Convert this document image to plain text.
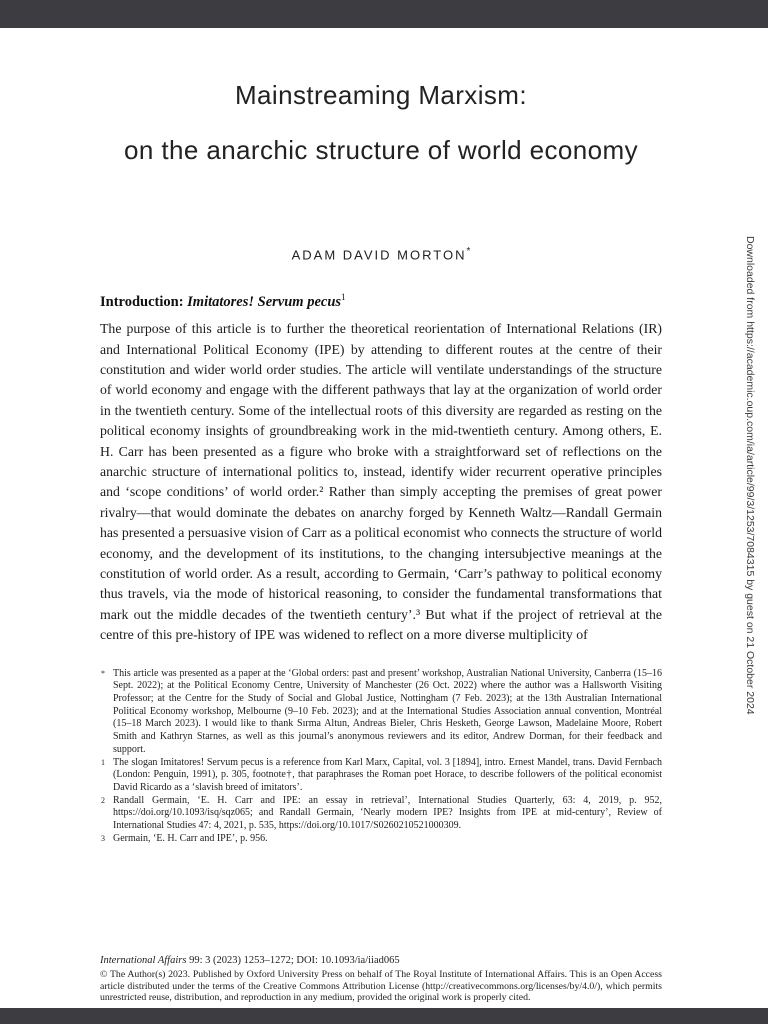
Mainstreaming Marxism:
on the anarchic structure of world economy
ADAM DAVID MORTON*
Introduction: Imitatores! Servum pecus$^1$

The purpose of this article is to further the theoretical reorientation of International Relations (IR) and International Political Economy (IPE) by attending to different routes at the centre of their constitution and wider world order studies. The article will ventilate understandings of the structure of world economy and engage with the different pathways that lay at the organization of world order in the twentieth century. Some of the intellectual roots of this diversity are regarded as resting on the political economy insights of groundbreaking work in the mid-twentieth century. Among others, E. H. Carr has been presented as a figure who broke with a straightforward set of reflections on the anarchic structure of international politics to, instead, identify wider recurrent operative principles and ‘scope conditions’ of world order.² Rather than simply accepting the premises of great power rivalry—that would dominate the debates on anarchy forged by Kenneth Waltz—Randall Germain has presented a persuasive vision of Carr as a political economist who connects the structure of world economy, and the development of its institutions, to the changing intersubjective meanings at the constitution of world order. As a result, according to Germain, ‘Carr’s pathway to political economy thus travels, via the mode of historical reasoning, to consider the fundamental transformations that mark out the middle decades of the twentieth century’.³ But what if the project of retrieval at the centre of this pre-history of IPE was widened to reflect on a more diverse multiplicity of

* This article was presented as a paper at the ‘Global orders: past and present’ workshop, Australian National University, Canberra (15–16 Sept. 2022); at the Political Economy Centre, University of Manchester (26 Oct. 2022) where the author was a Hallsworth Visiting Professor; at the Centre for the Study of Social and Global Justice, Nottingham (7 Feb. 2023); at the 13th Australian International Political Economy workshop, Melbourne (9–10 Feb. 2023); and at the International Studies Association annual convention, Montréal (15–18 March 2023). I would like to thank Sırma Altun, Andreas Bieler, Chris Hesketh, George Lawson, Madelaine Moore, Robert Smith and Kathryn Starnes, as well as this journal’s anonymous reviewers and its editor, Andrew Dorman, for their feedback and support.
1 The slogan Imitatores! Servum pecus is a reference from Karl Marx, Capital, vol. 3 [1894], intro. Ernest Mandel, trans. David Fernbach (London: Penguin, 1991), p. 305, footnote†, that paraphrases the Roman poet Horace, to describe followers of the political economist David Ricardo as a ‘slavish breed of imitators’.
2 Randall Germain, ‘E. H. Carr and IPE: an essay in retrieval’, International Studies Quarterly, 63: 4, 2019, p. 952, https://doi.org/10.1093/isq/sqz065; and Randall Germain, ‘Nearly modern IPE? Insights from IPE at mid-century’, Review of International Studies 47: 4, 2021, p. 535, https://doi.org/10.1017/S0260210521000309.
3 Germain, ‘E. H. Carr and IPE’, p. 956.
International Affairs 99: 3 (2023) 1253–1272; DOI: 10.1093/ia/iiad065
© The Author(s) 2023. Published by Oxford University Press on behalf of The Royal Institute of International Affairs. This is an Open Access article distributed under the terms of the Creative Commons Attribution License (http://creativecommons.org/licenses/by/4.0/), which permits unrestricted reuse, distribution, and reproduction in any medium, provided the original work is properly cited.
Downloaded from https://academic.oup.com/ia/article/99/3/1253/7084315 by guest on 21 October 2024
